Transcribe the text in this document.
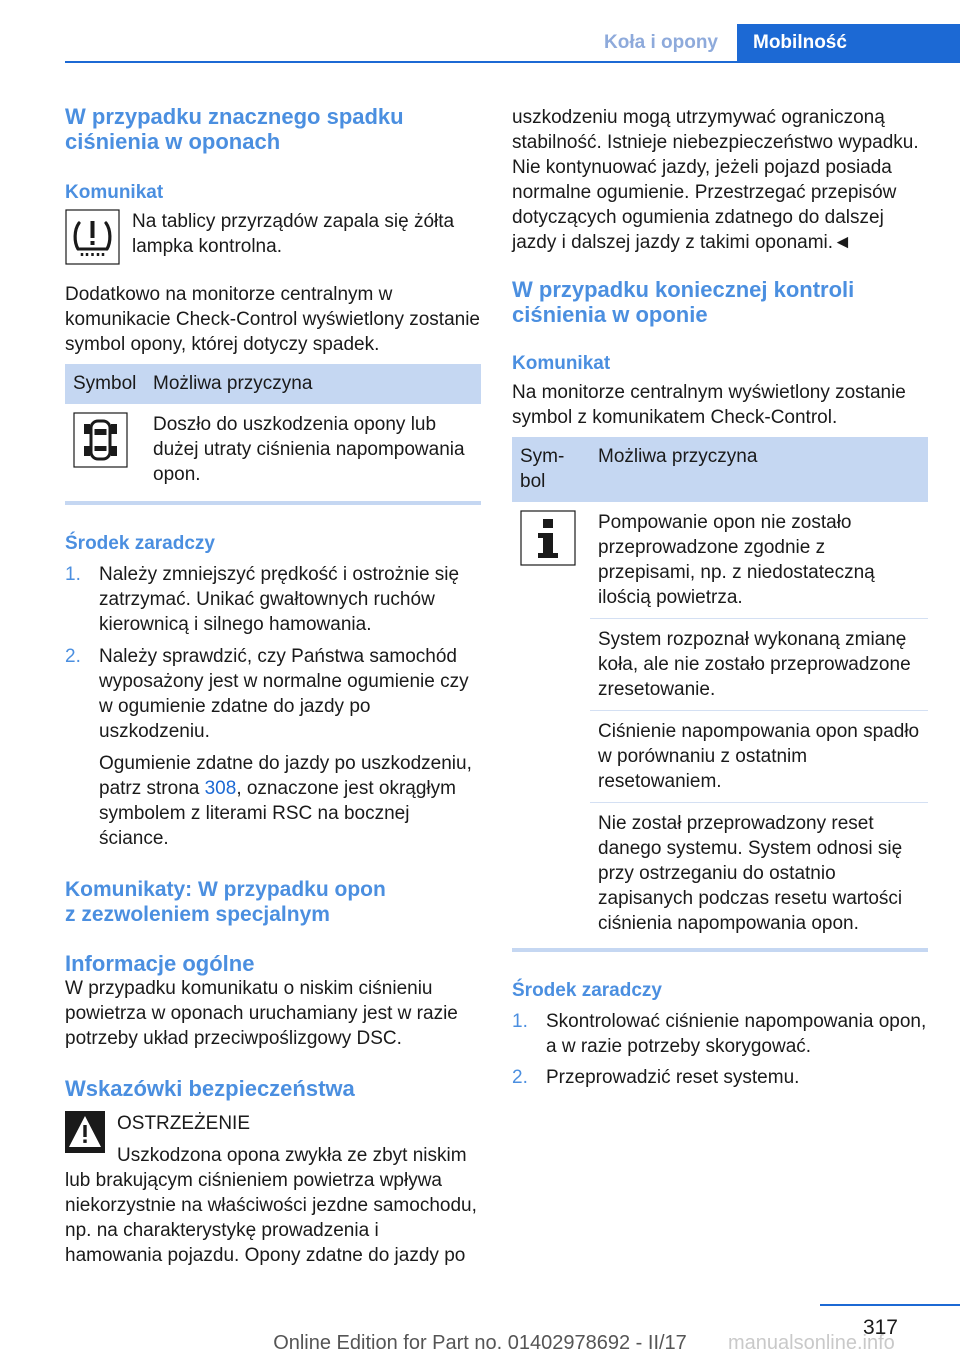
Koła i opony	Mobilność
W przypadku znacznego spadku
ciśnienia w oponach
Komunikat

Na tablicy przyrządów zapala się żółta lampka kontrolna.

Dodatkowo na monitorze centralnym w komunikacie Check-Control wyświetlony zostanie symbol opony, której dotyczy spadek.

Symbol	Możliwa przyczyna
	Doszło do uszkodzenia opony lub dużej utraty ciśnienia napompowania opon.
Środek zaradczy
1. Należy zmniejszyć prędkość i ostrożnie się zatrzymać. Unikać gwałtownych ruchów kierownicą i silnego hamowania.
2. Należy sprawdzić, czy Państwa samochód wyposażony jest w normalne ogumienie czy w ogumienie zdatne do jazdy po uszkodzeniu.

Ogumienie zdatne do jazdy po uszkodzeniu, patrz strona 308, oznaczone jest okrągłym symbolem z literami RSC na bocznej ściance.

Komunikaty: W przypadku opon
z zezwoleniem specjalnym
Informacje ogólne

W przypadku komunikatu o niskim ciśnieniu powietrza w oponach uruchamiany jest w razie potrzeby układ przeciwpoślizgowy DSC.

Wskazówki bezpieczeństwa

OSTRZEŻENIE

Uszkodzona opona zwykła ze zbyt niskim

lub brakującym ciśnieniem powietrza wpływa niekorzystnie na właściwości jezdne samochodu, np. na charakterystykę prowadzenia i hamowania pojazdu. Opony zdatne do jazdy po

uszkodzeniu mogą utrzymywać ograniczoną stabilność. Istnieje niebezpieczeństwo wypadku. Nie kontynuować jazdy, jeżeli pojazd posiada normalne ogumienie. Przestrzegać przepisów dotyczących ogumienia zdatnego do dalszej jazdy i dalszej jazdy z takimi oponami.◄

W przypadku koniecznej kontroli
ciśnienia w oponie
Komunikat

Na monitorze centralnym wyświetlony zostanie symbol z komunikatem Check-Control.

Sym-bol	Możliwa przyczyna
	Pompowanie opon nie zostało przeprowadzone zgodnie z przepisami, np. z niedostateczną ilością powietrza.
	System rozpoznał wykonaną zmianę koła, ale nie zostało przeprowadzone zresetowanie.
	Ciśnienie napompowania opon spadło w porównaniu z ostatnim resetowaniem.
	Nie został przeprowadzony reset danego systemu. System odnosi się przy ostrzeganiu do ostatnio zapisanych podczas resetu wartości ciśnienia napompowania opon.
Środek zaradczy
1. Skontrolować ciśnienie napompowania opon, a w razie potrzeby skorygować.
2. Przeprowadzić reset systemu.
317
Online Edition for Part no. 01402978692 - II/17	manualsonline.info
